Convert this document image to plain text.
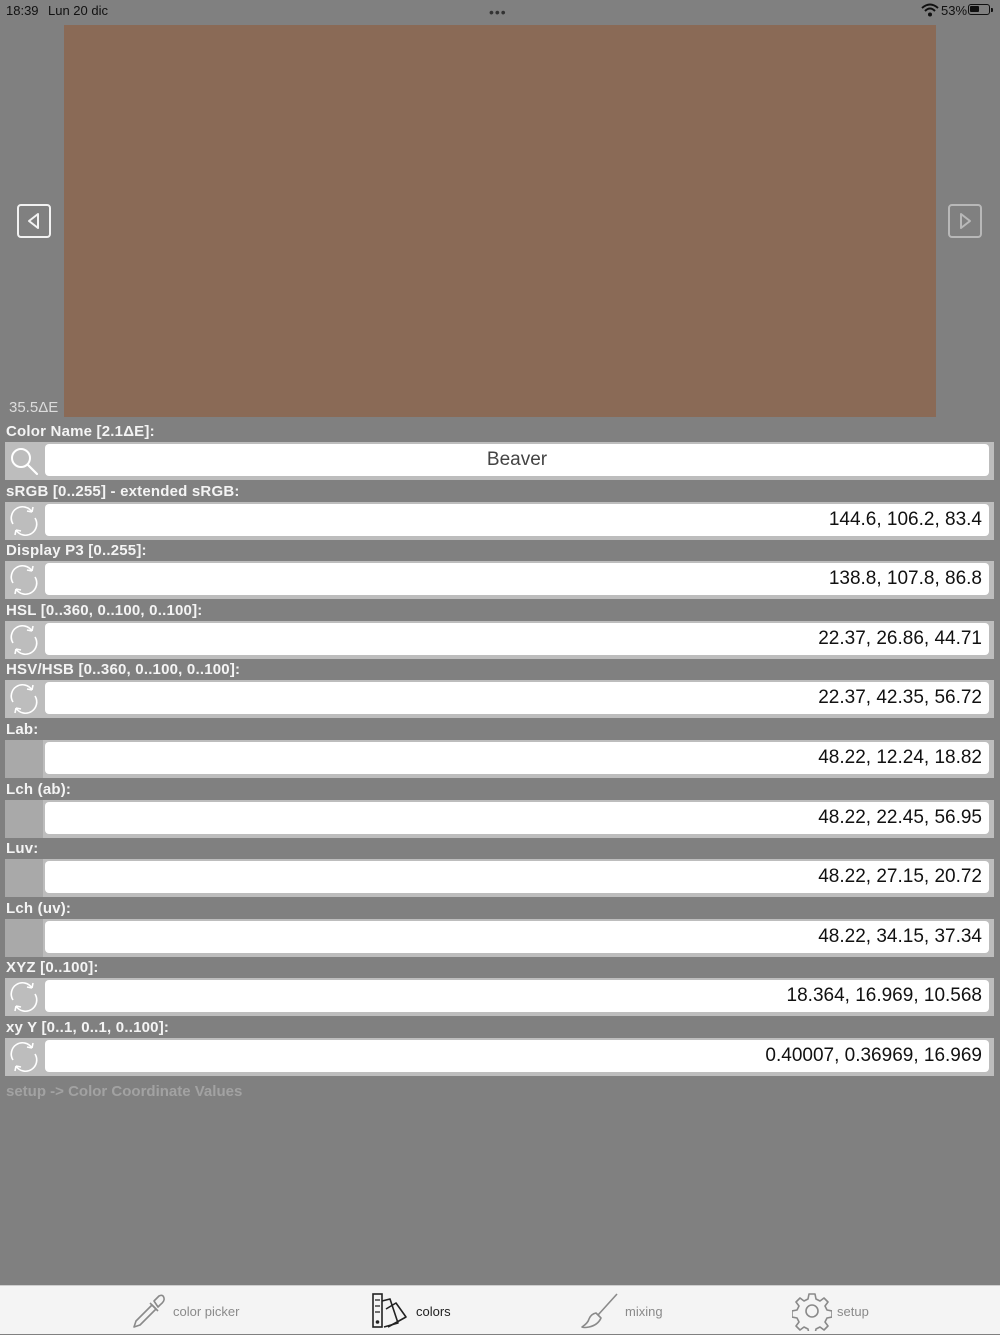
18:39 Lun 20 dic	•••	53%
35.5ΔE
Color Name [2.1ΔE]:
Beaver
sRGB [0..255] - extended sRGB:
144.6, 106.2, 83.4
Display P3 [0..255]:
138.8, 107.8, 86.8
HSL [0..360, 0..100, 0..100]:
22.37, 26.86, 44.71
HSV/HSB [0..360, 0..100, 0..100]:
22.37, 42.35, 56.72
Lab:
48.22, 12.24, 18.82
Lch (ab):
48.22, 22.45, 56.95
Luv:
48.22, 27.15, 20.72
Lch (uv):
48.22, 34.15, 37.34
XYZ [0..100]:
18.364, 16.969, 10.568
xy Y [0..1, 0..1, 0..100]:
0.40007, 0.36969, 16.969
setup -> Color Coordinate Values
color picker	colors	mixing	setup
